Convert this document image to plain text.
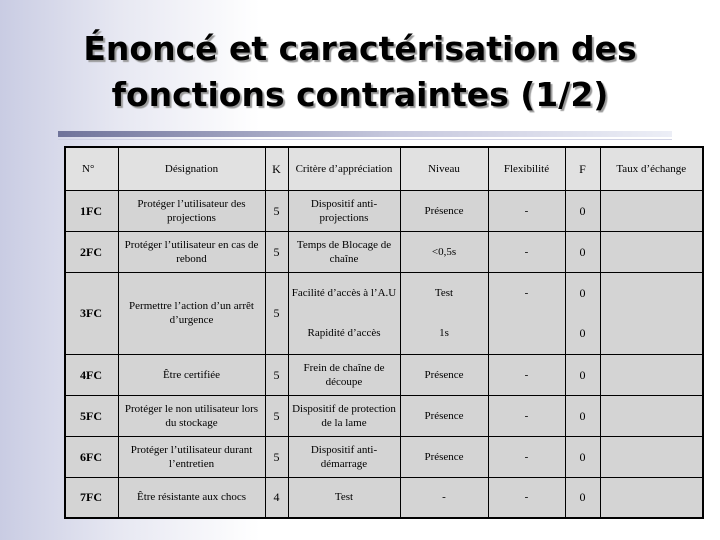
Énoncé et caractérisation des
fonctions contraintes (1/2)
N°	Désignation	K	Critère d’appréciation	Niveau	Flexibilité	F	Taux d’échange
1FC	Protéger l’utilisateur des projections	5	Dispositif anti-projections	Présence	-	0	
2FC	Protéger l’utilisateur en cas de rebond	5	Temps de Blocage de chaîne	<0,5s	-	0	
3FC	Permettre l’action d’un arrêt d’urgence	5	Facilité d’accès à l’A.U	Test	-	0	
			Rapidité d’accès	1s		0	
4FC	Être certifiée	5	Frein de chaîne de découpe	Présence	-	0	
5FC	Protéger le non utilisateur lors du stockage	5	Dispositif de protection de la lame	Présence	-	0	
6FC	Protéger l’utilisateur durant l’entretien	5	Dispositif anti-démarrage	Présence	-	0	
7FC	Être résistante aux chocs	4	Test	-	-	0	
